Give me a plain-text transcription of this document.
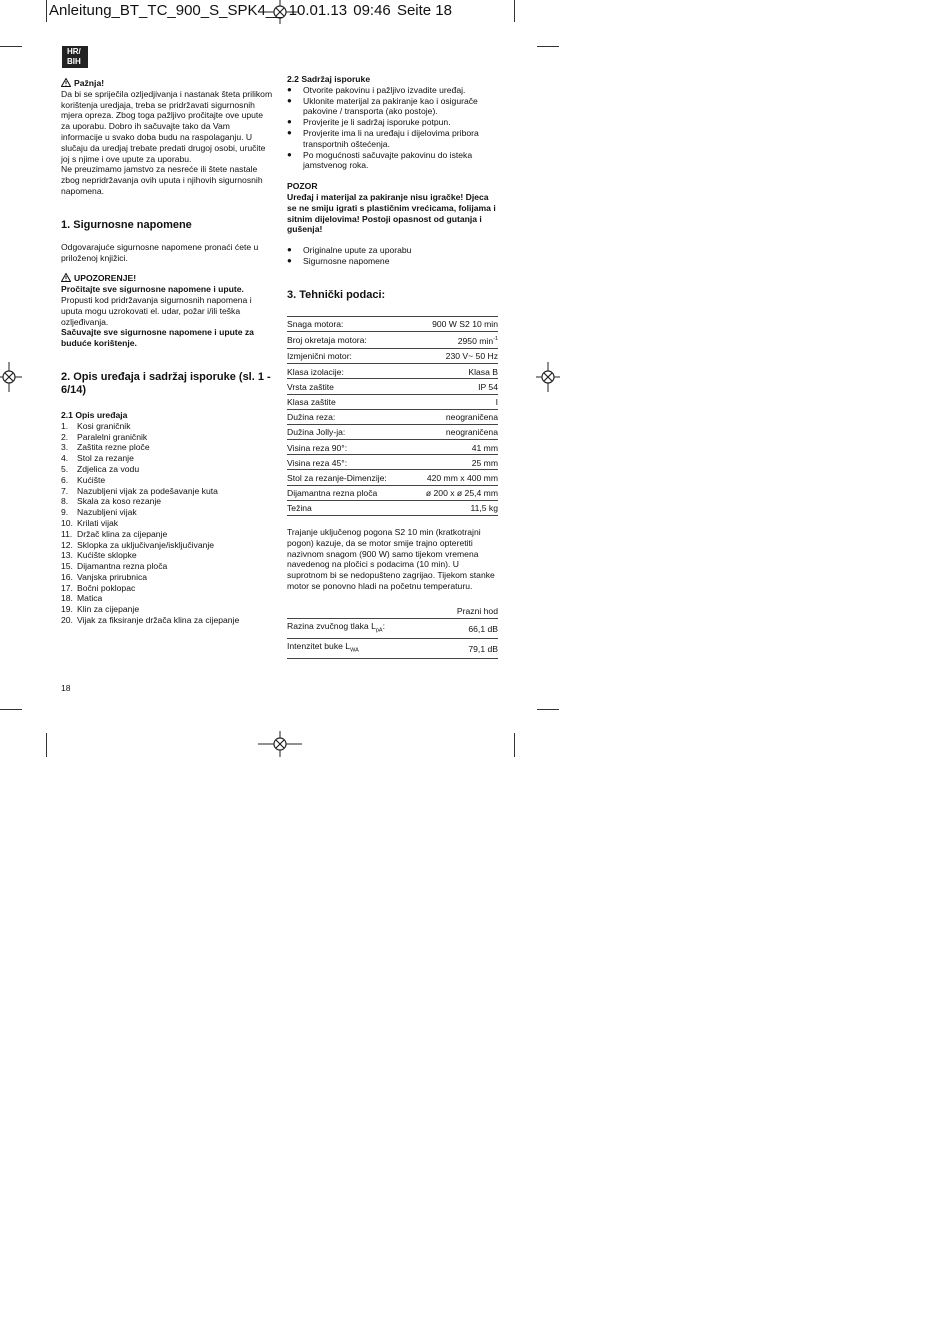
Anleitung_BT_TC_900_S_SPK4__ 10.01.13 09:46 Seite 18
HR/
BIH

Pažnja!

Da bi se spriječila ozljedjivanja i nastanak šteta prilikom korištenja uredjaja, treba se pridržavati sigurnosnih mjera opreza. Zbog toga pažljivo pročitajte ove upute za uporabu. Dobro ih sačuvajte tako da Vam informacije u svako doba budu na raspolaganju. U slučaju da uredjaj trebate predati drugoj osobi, uručite joj s njime i ove upute za uporabu.

Ne preuzimamo jamstvo za nesreće ili štete nastale zbog nepridržavanja ovih uputa i njihovih sigurnosnih napomena.

1. Sigurnosne napomene

Odgovarajuće sigurnosne napomene pronaći ćete u priloženoj knjižici.

UPOZORENJE!

Pročitajte sve sigurnosne napomene i upute.

Propusti kod pridržavanja sigurnosnih napomena i uputa mogu uzrokovati el. udar, požar i/ili teška ozljeđivanja.

Sačuvajte sve sigurnosne napomene i upute za buduće korištenje.

2. Opis uređaja i sadržaj isporuke (sl. 1 - 6/14)

2.1 Opis uređaja

1.	Kosi graničnik
2.	Paralelni graničnik
3.	Zaštita rezne ploče
4.	Stol za rezanje
5.	Zdjelica za vodu
6.	Kućište
7.	Nazubljeni vijak za podešavanje kuta
8.	Skala za koso rezanje
9.	Nazubljeni vijak
10. Krilati vijak
11. Držač klina za cijepanje
12. Sklopka za uključivanje/isključivanje
13. Kućište sklopke
15. Dijamantna rezna ploča
16. Vanjska prirubnica
17. Bočni poklopac
18. Matica
19. Klin za cijepanje
20. Vijak za fiksiranje držača klina za cijepanje

2.2 Sadržaj isporuke

●	Otvorite pakovinu i pažljivo izvadite uređaj.
●	Uklonite materijal za pakiranje kao i osigurače pakovine / transporta (ako postoje).
●	Provjerite je li sadržaj isporuke potpun.
●	Provjerite ima li na uređaju i dijelovima pribora transportnih oštećenja.
●	Po mogućnosti sačuvajte pakovinu do isteka jamstvenog roka.

POZOR

Uređaj i materijal za pakiranje nisu igračke! Djeca se ne smiju igrati s plastičnim vrećicama, folijama i sitnim dijelovima! Postoji opasnost od gutanja i gušenja!

●	Originalne upute za uporabu
●	Sigurnosne napomene

3. Tehnički podaci:

Snaga motora:	900 W S2 10 min
Broj okretaja motora:	2950 $\min^{-1}$
Izmjenični motor:	230 V~ 50 Hz
Klasa izolacije:	Klasa B
Vrsta zaštite	IP 54
Klasa zaštite	I
Dužina reza:	neograničena
Dužina Jolly-ja:	neograničena
Visina reza 90°:	41 mm
Visina reza 45°:	25 mm
Stol za rezanje-Dimenzije:	420 mm x 400 mm
Dijamantna rezna ploča	ø 200 x ø 25,4 mm
Težina	11,5 kg

Trajanje uključenog pogona S2 10 min (kratkotrajni pogon) kazuje, da se motor smije trajno opteretiti nazivnom snagom (900 W) samo tijekom vremena navedenog na pločici s podacima (10 min). U suprotnom bi se nedopušteno zagrijao. Tijekom stanke motor se ponovno hladi na početnu temperaturu.

	Prazni hod
Razina zvučnog tlaka $L_{pA}$:	66,1 dB
Intenzitet buke $L_{WA}$	79,1 dB
18
